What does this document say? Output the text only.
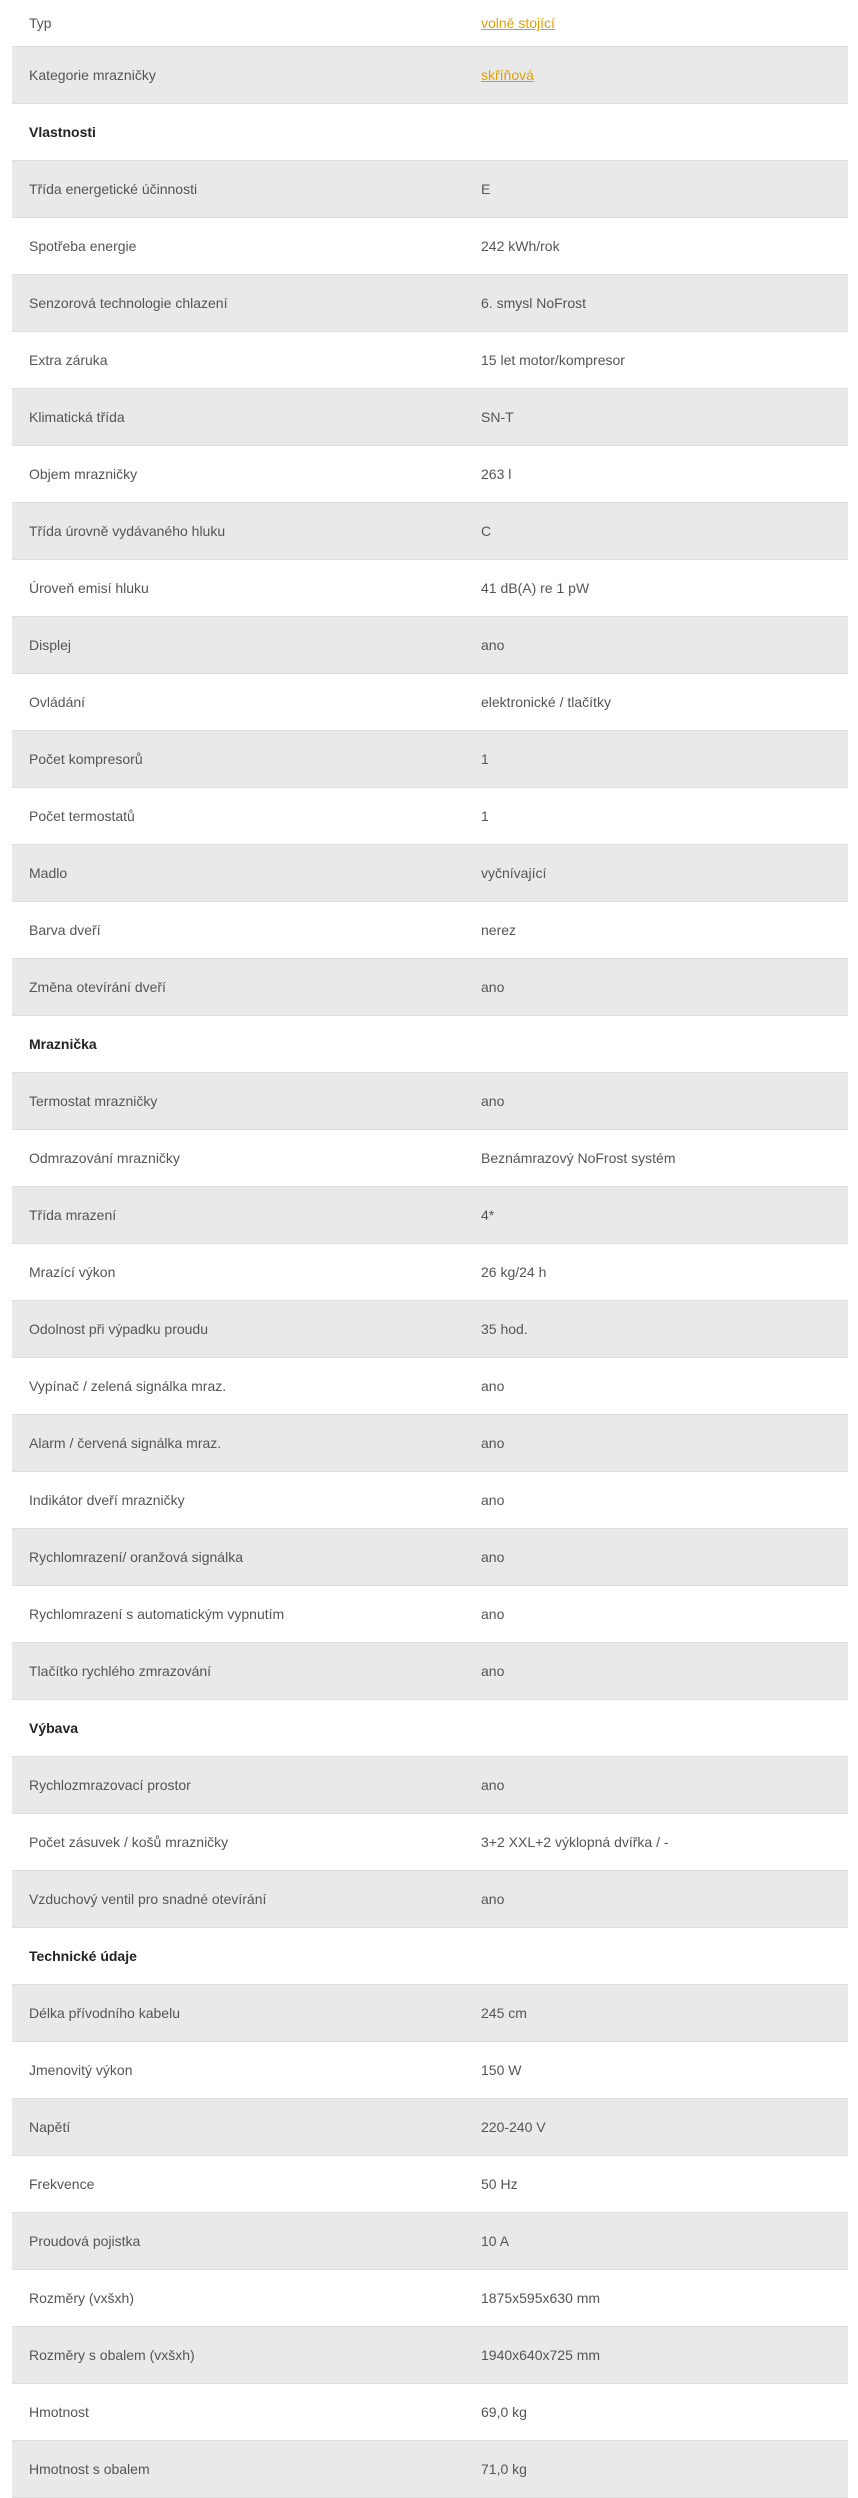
Typ	volně stojící
Kategorie mrazničky	skříňová
Vlastnosti
Třída energetické účinnosti	E
Spotřeba energie	242 kWh/rok
Senzorová technologie chlazení	6. smysl NoFrost
Extra záruka	15 let motor/kompresor
Klimatická třída	SN-T
Objem mrazničky	263 l
Třída úrovně vydávaného hluku	C
Úroveň emisí hluku	41 dB(A) re 1 pW
Displej	ano
Ovládání	elektronické / tlačítky
Počet kompresorů	1
Počet termostatů	1
Madlo	vyčnívající
Barva dveří	nerez
Změna otevírání dveří	ano
Mraznička
Termostat mrazničky	ano
Odmrazování mrazničky	Beznámrazový NoFrost systém
Třída mrazení	4*
Mrazící výkon	26 kg/24 h
Odolnost při výpadku proudu	35 hod.
Vypínač / zelená signálka mraz.	ano
Alarm / červená signálka mraz.	ano
Indikátor dveří mrazničky	ano
Rychlomrazení/ oranžová signálka	ano
Rychlomrazení s automatickým vypnutím	ano
Tlačítko rychlého zmrazování	ano
Výbava
Rychlozmrazovací prostor	ano
Počet zásuvek / košů mrazničky	3+2 XXL+2 výklopná dvířka / -
Vzduchový ventil pro snadné otevírání	ano
Technické údaje
Délka přívodního kabelu	245 cm
Jmenovitý výkon	150 W
Napětí	220-240 V
Frekvence	50 Hz
Proudová pojistka	10 A
Rozměry (vxšxh)	1875x595x630 mm
Rozměry s obalem (vxšxh)	1940x640x725 mm
Hmotnost	69,0 kg
Hmotnost s obalem	71,0 kg
